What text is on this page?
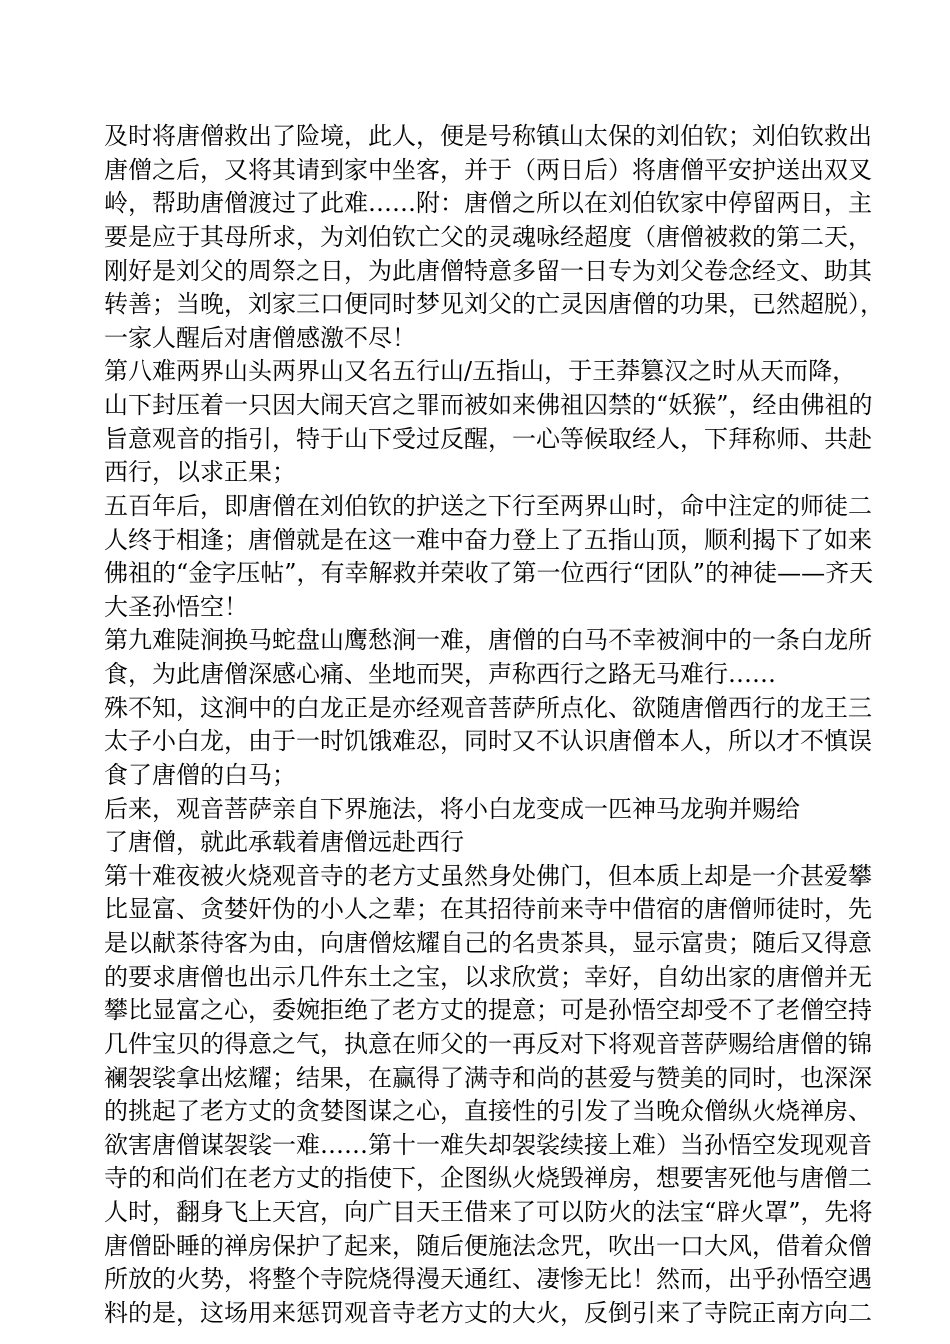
及时将唐僧救出了险境，此人，便是号称镇山太保的刘伯钦；刘伯钦救出
唐僧之后，又将其请到家中坐客，并于（两日后）将唐僧平安护送出双叉
岭，帮助唐僧渡过了此难……附：唐僧之所以在刘伯钦家中停留两日，主
要是应于其母所求，为刘伯钦亡父的灵魂咏经超度（唐僧被救的第二天，
刚好是刘父的周祭之日，为此唐僧特意多留一日专为刘父卷念经文、助其
转善；当晚，刘家三口便同时梦见刘父的亡灵因唐僧的功果，已然超脱），
一家人醒后对唐僧感激不尽！
第八难两界山头两界山又名五行山/五指山，于王莽篡汉之时从天而降，
山下封压着一只因大闹天宫之罪而被如来佛祖囚禁的“妖猴”，经由佛祖的
旨意观音的指引，特于山下受过反醒，一心等候取经人，下拜称师、共赴
西行，以求正果；
五百年后，即唐僧在刘伯钦的护送之下行至两界山时，命中注定的师徒二
人终于相逢；唐僧就是在这一难中奋力登上了五指山顶，顺利揭下了如来
佛祖的“金字压帖”，有幸解救并荣收了第一位西行“团队”的神徒——齐天
大圣孙悟空！
第九难陡涧换马蛇盘山鹰愁涧一难，唐僧的白马不幸被涧中的一条白龙所
食，为此唐僧深感心痛、坐地而哭，声称西行之路无马难行……
殊不知，这涧中的白龙正是亦经观音菩萨所点化、欲随唐僧西行的龙王三
太子小白龙，由于一时饥饿难忍，同时又不认识唐僧本人，所以才不慎误
食了唐僧的白马；
后来，观音菩萨亲自下界施法，将小白龙变成一匹神马龙驹并赐给
了唐僧，就此承载着唐僧远赴西行
第十难夜被火烧观音寺的老方丈虽然身处佛门，但本质上却是一介甚爱攀
比显富、贪婪奸伪的小人之辈；在其招待前来寺中借宿的唐僧师徒时，先
是以献茶待客为由，向唐僧炫耀自己的名贵茶具，显示富贵；随后又得意
的要求唐僧也出示几件东土之宝，以求欣赏；幸好，自幼出家的唐僧并无
攀比显富之心，委婉拒绝了老方丈的提意；可是孙悟空却受不了老僧空持
几件宝贝的得意之气，执意在师父的一再反对下将观音菩萨赐给唐僧的锦
襕袈裟拿出炫耀；结果，在赢得了满寺和尚的甚爱与赞美的同时，也深深
的挑起了老方丈的贪婪图谋之心，直接性的引发了当晚众僧纵火烧禅房、
欲害唐僧谋袈裟一难……第十一难失却袈裟续接上难）当孙悟空发现观音
寺的和尚们在老方丈的指使下，企图纵火烧毁禅房，想要害死他与唐僧二
人时，翻身飞上天宫，向广目天王借来了可以防火的法宝“辟火罩”，先将
唐僧卧睡的禅房保护了起来，随后便施法念咒，吹出一口大风，借着众僧
所放的火势，将整个寺院烧得漫天通红、凄惨无比！然而，出乎孙悟空遇
料的是，这场用来惩罚观音寺老方丈的大火，反倒引来了寺院正南方向二
